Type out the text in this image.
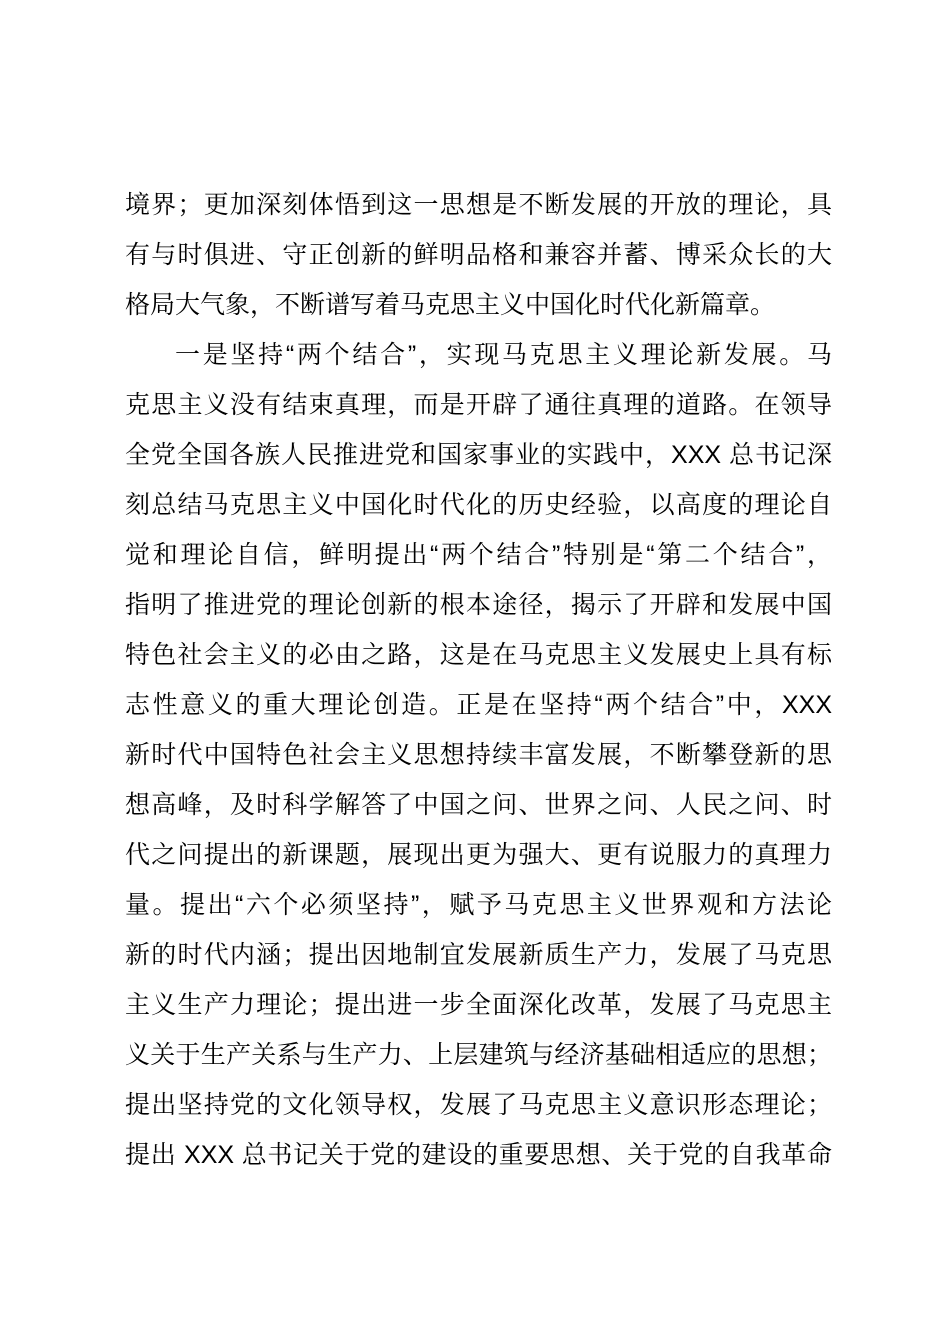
境界；更加深刻体悟到这一思想是不断发展的开放的理论，具
有与时俱进、守正创新的鲜明品格和兼容并蓄、博采众长的大
格局大气象，不断谱写着马克思主义中国化时代化新篇章。
一是坚持“两个结合”，实现马克思主义理论新发展。马
克思主义没有结束真理，而是开辟了通往真理的道路。在领导
全党全国各族人民推进党和国家事业的实践中，XXX 总书记深
刻总结马克思主义中国化时代化的历史经验，以高度的理论自
觉和理论自信，鲜明提出“两个结合”特别是“第二个结合”，
指明了推进党的理论创新的根本途径，揭示了开辟和发展中国
特色社会主义的必由之路，这是在马克思主义发展史上具有标
志性意义的重大理论创造。正是在坚持“两个结合”中，XXX
新时代中国特色社会主义思想持续丰富发展，不断攀登新的思
想高峰，及时科学解答了中国之问、世界之问、人民之问、时
代之问提出的新课题，展现出更为强大、更有说服力的真理力
量。提出“六个必须坚持”，赋予马克思主义世界观和方法论
新的时代内涵；提出因地制宜发展新质生产力，发展了马克思
主义生产力理论；提出进一步全面深化改革，发展了马克思主
义关于生产关系与生产力、上层建筑与经济基础相适应的思想；
提出坚持党的文化领导权，发展了马克思主义意识形态理论；
提出 XXX 总书记关于党的建设的重要思想、关于党的自我革命
